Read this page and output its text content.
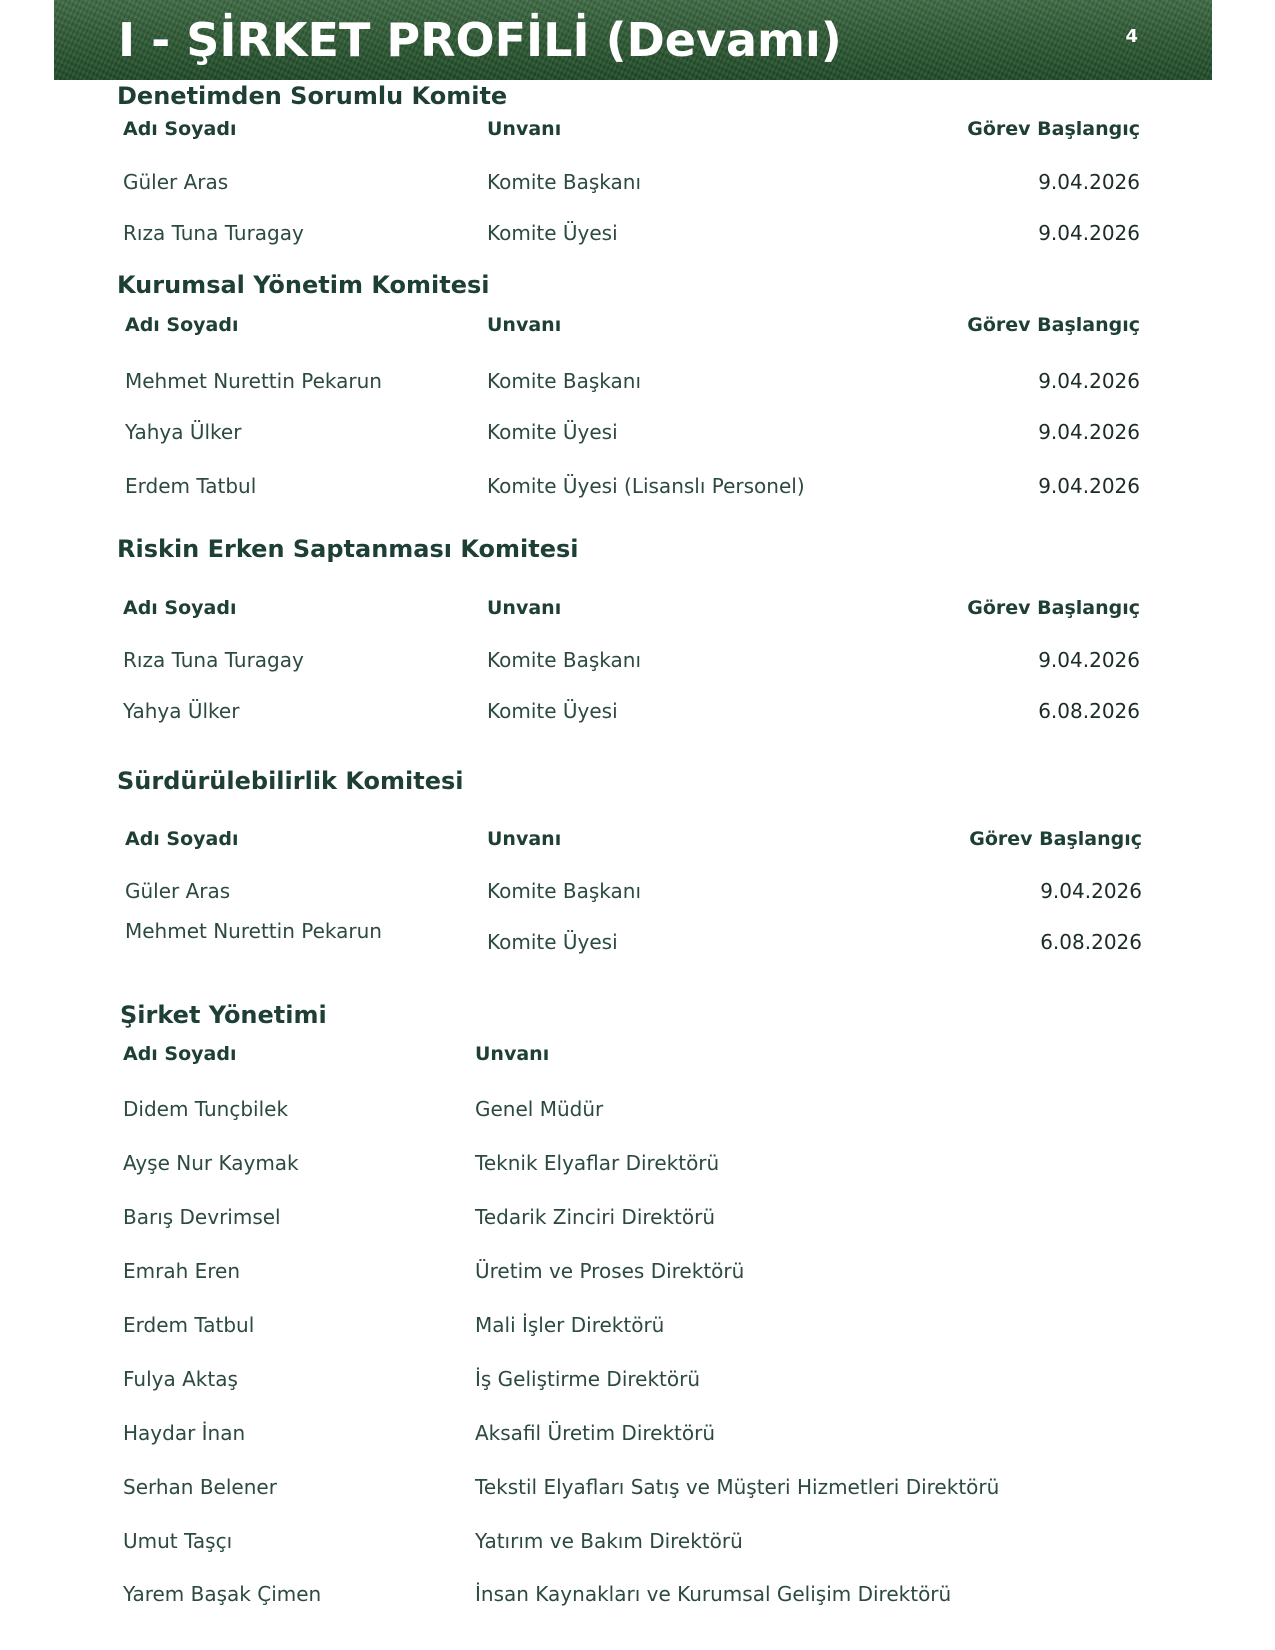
I - ŞİRKET PROFİLİ (Devamı)	4
Denetimden Sorumlu Komite
Adı Soyadı	Unvanı	Görev Başlangıç
Güler Aras	Komite Başkanı	9.04.2026
Rıza Tuna Turagay	Komite Üyesi	9.04.2026
Kurumsal Yönetim Komitesi
Adı Soyadı	Unvanı	Görev Başlangıç
Mehmet Nurettin Pekarun	Komite Başkanı	9.04.2026
Yahya Ülker	Komite Üyesi	9.04.2026
Erdem Tatbul	Komite Üyesi (Lisanslı Personel)	9.04.2026
Riskin Erken Saptanması Komitesi
Adı Soyadı	Unvanı	Görev Başlangıç
Rıza Tuna Turagay	Komite Başkanı	9.04.2026
Yahya Ülker	Komite Üyesi	6.08.2026
Sürdürülebilirlik Komitesi
Adı Soyadı	Unvanı	Görev Başlangıç
Güler Aras	Komite Başkanı	9.04.2026
Mehmet Nurettin Pekarun	Komite Üyesi	6.08.2026
Şirket Yönetimi
Adı Soyadı	Unvanı
Didem Tunçbilek	Genel Müdür
Ayşe Nur Kaymak	Teknik Elyaflar Direktörü
Barış Devrimsel	Tedarik Zinciri Direktörü
Emrah Eren	Üretim ve Proses Direktörü
Erdem Tatbul	Mali İşler Direktörü
Fulya Aktaş	İş Geliştirme Direktörü
Haydar İnan	Aksafil Üretim Direktörü
Serhan Belener	Tekstil Elyafları Satış ve Müşteri Hizmetleri Direktörü
Umut Taşçı	Yatırım ve Bakım Direktörü
Yarem Başak Çimen	İnsan Kaynakları ve Kurumsal Gelişim Direktörü
